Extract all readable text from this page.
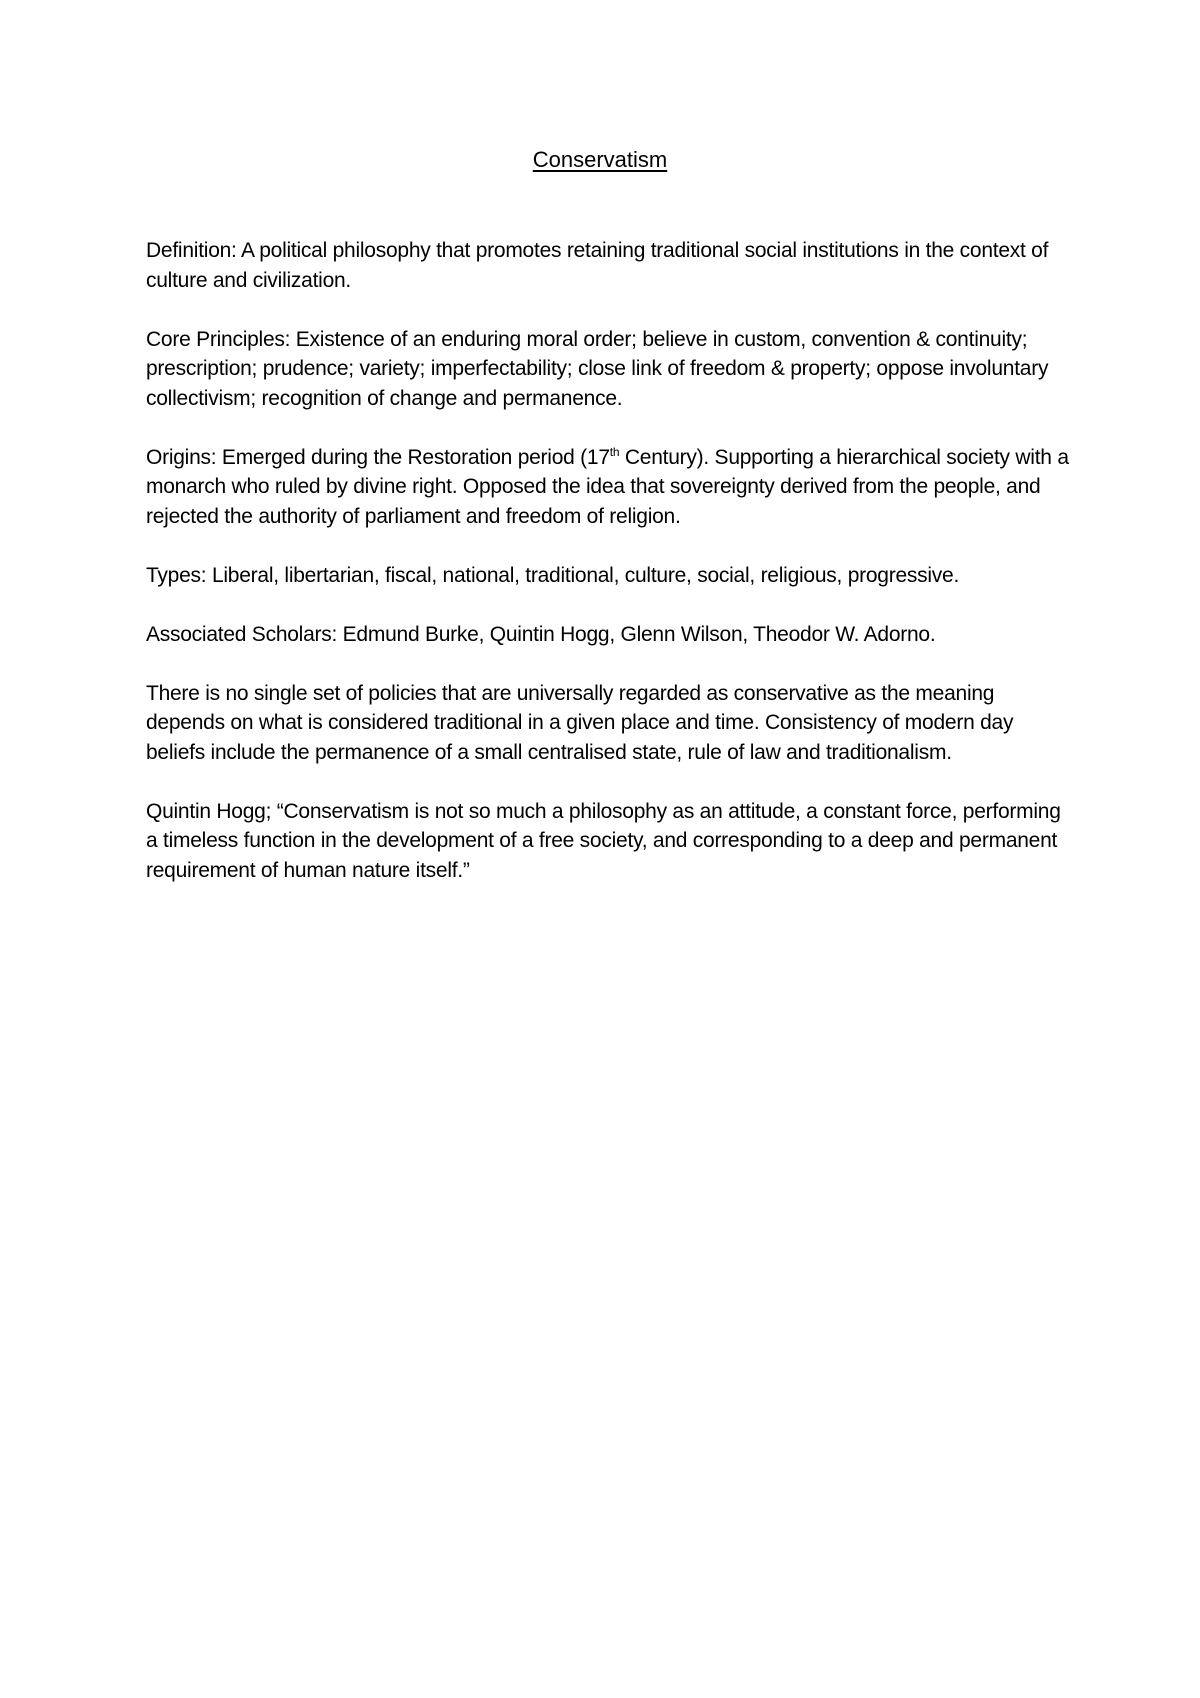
Conservatism

Definition: A political philosophy that promotes retaining traditional social institutions in the context of culture and civilization.

Core Principles: Existence of an enduring moral order; believe in custom, convention & continuity; prescription; prudence; variety; imperfectability; close link of freedom & property; oppose involuntary collectivism; recognition of change and permanence.

Origins: Emerged during the Restoration period (17th Century). Supporting a hierarchical society with a monarch who ruled by divine right. Opposed the idea that sovereignty derived from the people, and rejected the authority of parliament and freedom of religion.

Types: Liberal, libertarian, fiscal, national, traditional, culture, social, religious, progressive.

Associated Scholars: Edmund Burke, Quintin Hogg, Glenn Wilson, Theodor W. Adorno.

There is no single set of policies that are universally regarded as conservative as the meaning depends on what is considered traditional in a given place and time. Consistency of modern day beliefs include the permanence of a small centralised state, rule of law and traditionalism.

Quintin Hogg; “Conservatism is not so much a philosophy as an attitude, a constant force, performing a timeless function in the development of a free society, and corresponding to a deep and permanent requirement of human nature itself.”
